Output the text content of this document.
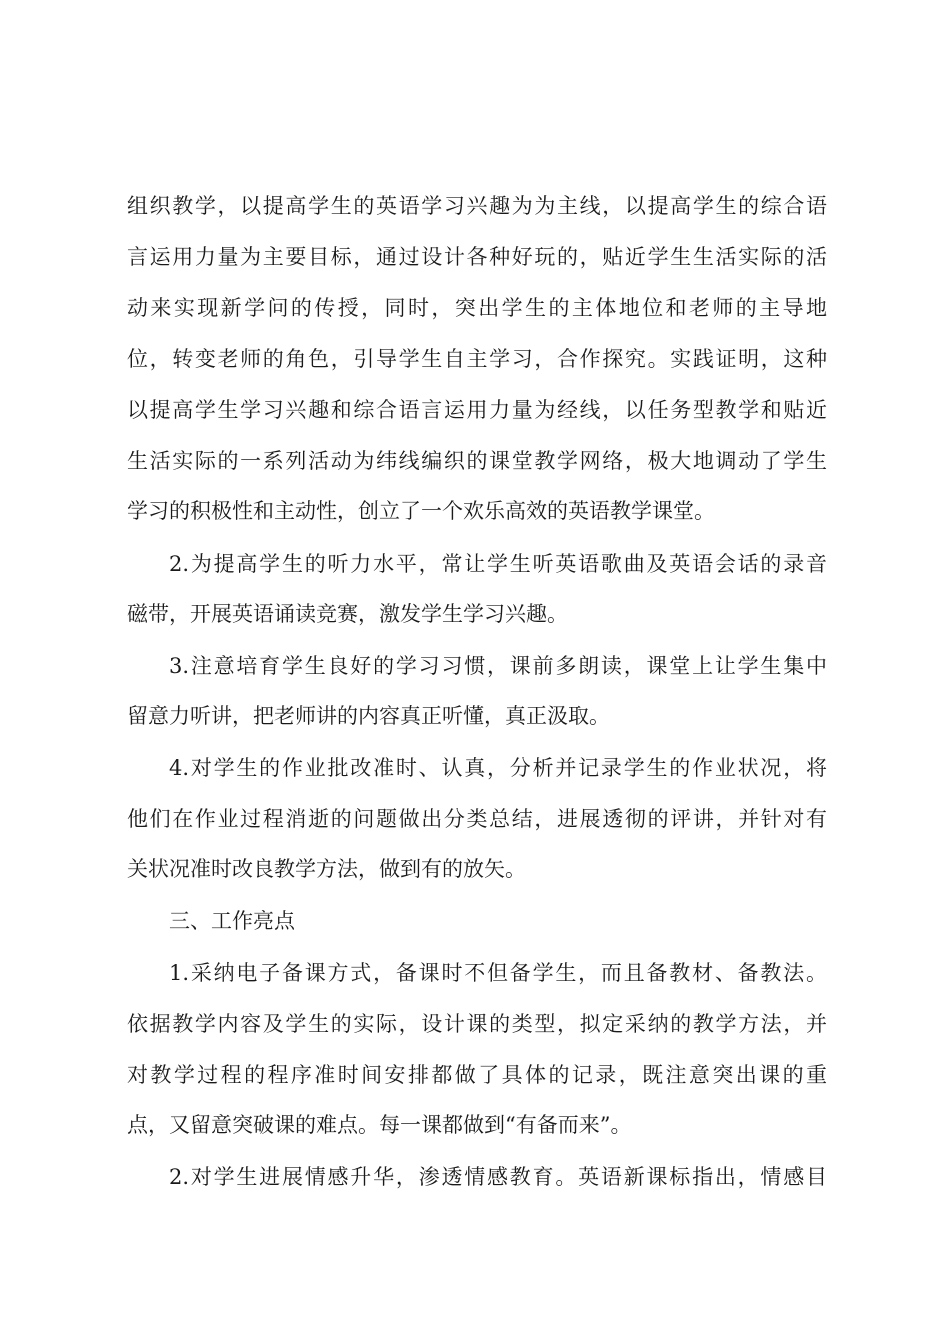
组织教学，以提高学生的英语学习兴趣为为主线，以提高学生的综合语
言运用力量为主要目标，通过设计各种好玩的，贴近学生生活实际的活
动来实现新学问的传授，同时，突出学生的主体地位和老师的主导地
位，转变老师的角色，引导学生自主学习，合作探究。实践证明，这种
以提高学生学习兴趣和综合语言运用力量为经线，以任务型教学和贴近
生活实际的一系列活动为纬线编织的课堂教学网络，极大地调动了学生
学习的积极性和主动性，创立了一个欢乐高效的英语教学课堂。
2.为提高学生的听力水平，常让学生听英语歌曲及英语会话的录音
磁带，开展英语诵读竞赛，激发学生学习兴趣。
3.注意培育学生良好的学习习惯，课前多朗读，课堂上让学生集中
留意力听讲，把老师讲的内容真正听懂，真正汲取。
4.对学生的作业批改准时、认真，分析并记录学生的作业状况，将
他们在作业过程消逝的问题做出分类总结，进展透彻的评讲，并针对有
关状况准时改良教学方法，做到有的放矢。
三、工作亮点
1.采纳电子备课方式，备课时不但备学生，而且备教材、备教法。
依据教学内容及学生的实际，设计课的类型，拟定采纳的教学方法，并
对教学过程的程序准时间安排都做了具体的记录，既注意突出课的重
点，又留意突破课的难点。每一课都做到“有备而来”。
2.对学生进展情感升华，渗透情感教育。英语新课标指出，情感目
